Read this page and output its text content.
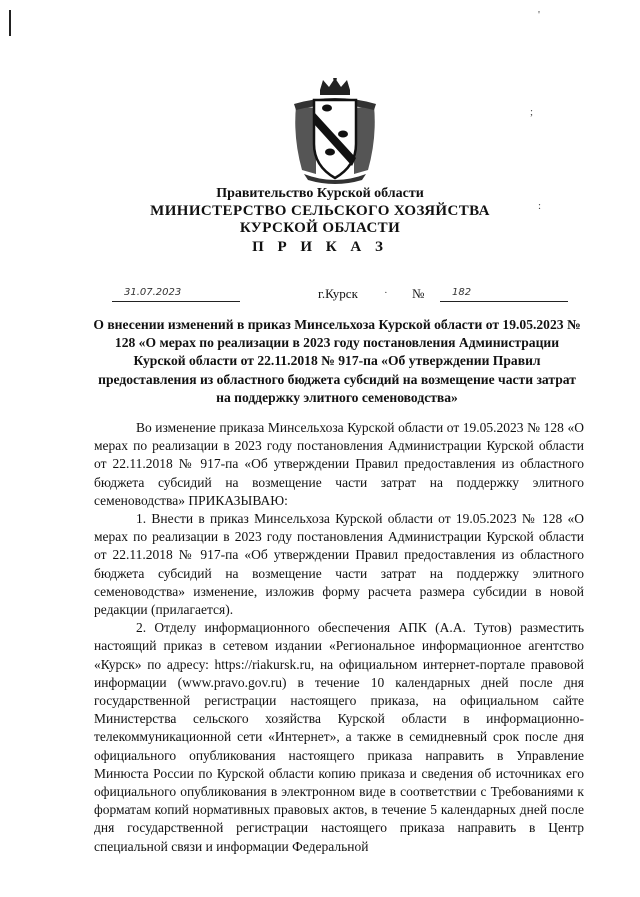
Правительство Курской области
МИНИСТЕРСТВО СЕЛЬСКОГО ХОЗЯЙСТВА
КУРСКОЙ ОБЛАСТИ
П Р И К А З
31.07.2023	г.Курск	№	182
·
'
;
:
О внесении изменений в приказ Минсельхоза Курской области от 19.05.2023 № 128 «О мерах по реализации в 2023 году постановления Администрации Курской области от 22.11.2018 № 917-па «Об утверждении Правил предоставления из областного бюджета субсидий на возмещение части затрат на поддержку элитного семеноводства»

Во изменение приказа Минсельхоза Курской области от 19.05.2023 № 128 «О мерах по реализации в 2023 году постановления Администрации Курской области от 22.11.2018 № 917-па «Об утверждении Правил предоставления из областного бюджета субсидий на возмещение части затрат на поддержку элитного семеноводства» ПРИКАЗЫВАЮ:

1. Внести в приказ Минсельхоза Курской области от 19.05.2023 № 128 «О мерах по реализации в 2023 году постановления Администрации Курской области от 22.11.2018 № 917-па «Об утверждении Правил предоставления из областного бюджета субсидий на возмещение части затрат на поддержку элитного семеноводства» изменение, изложив форму расчета размера субсидии в новой редакции (прилагается).

2. Отделу информационного обеспечения АПК (А.А. Тутов) разместить настоящий приказ в сетевом издании «Региональное информационное агентство «Курск» по адресу: https://riakursk.ru, на официальном интернет-портале правовой информации (www.pravo.gov.ru) в течение 10 календарных дней после дня государственной регистрации настоящего приказа, на официальном сайте Министерства сельского хозяйства Курской области в информационно-телекоммуникационной сети «Интернет», а также в семидневный срок после дня официального опубликования настоящего приказа направить в Управление Минюста России по Курской области копию приказа и сведения об источниках его официального опубликования в электронном виде в соответствии с Требованиями к форматам копий нормативных правовых актов, в течение 5 календарных дней после дня государственной регистрации настоящего приказа направить в Центр специальной связи и информации Федеральной
